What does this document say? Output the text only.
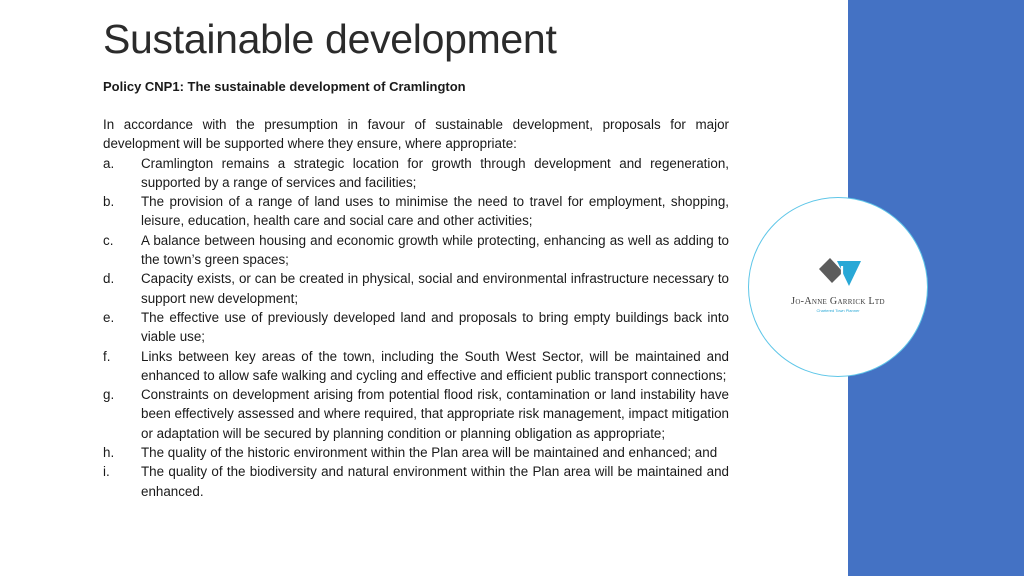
Jo-Anne Garrick Ltd
Chartered Town Planner
Sustainable development
Policy CNP1: The sustainable development of Cramlington

In accordance with the presumption in favour of sustainable development, proposals for major development will be supported where they ensure, where appropriate:

a. Cramlington remains a strategic location for growth through development and regeneration, supported by a range of services and facilities;
b. The provision of a range of land uses to minimise the need to travel for employment, shopping, leisure, education, health care and social care and other activities;
c. A balance between housing and economic growth while protecting, enhancing as well as adding to the town’s green spaces;
d. Capacity exists, or can be created in physical, social and environmental infrastructure necessary to support new development;
e. The effective use of previously developed land and proposals to bring empty buildings back into viable use;
f. Links between key areas of the town, including the South West Sector, will be maintained and enhanced to allow safe walking and cycling and effective and efficient public transport connections;
g. Constraints on development arising from potential flood risk, contamination or land instability have been effectively assessed and where required, that appropriate risk management, impact mitigation or adaptation will be secured by planning condition or planning obligation as appropriate;
h. The quality of the historic environment within the Plan area will be maintained and enhanced; and
i. The quality of the biodiversity and natural environment within the Plan area will be maintained and enhanced.
